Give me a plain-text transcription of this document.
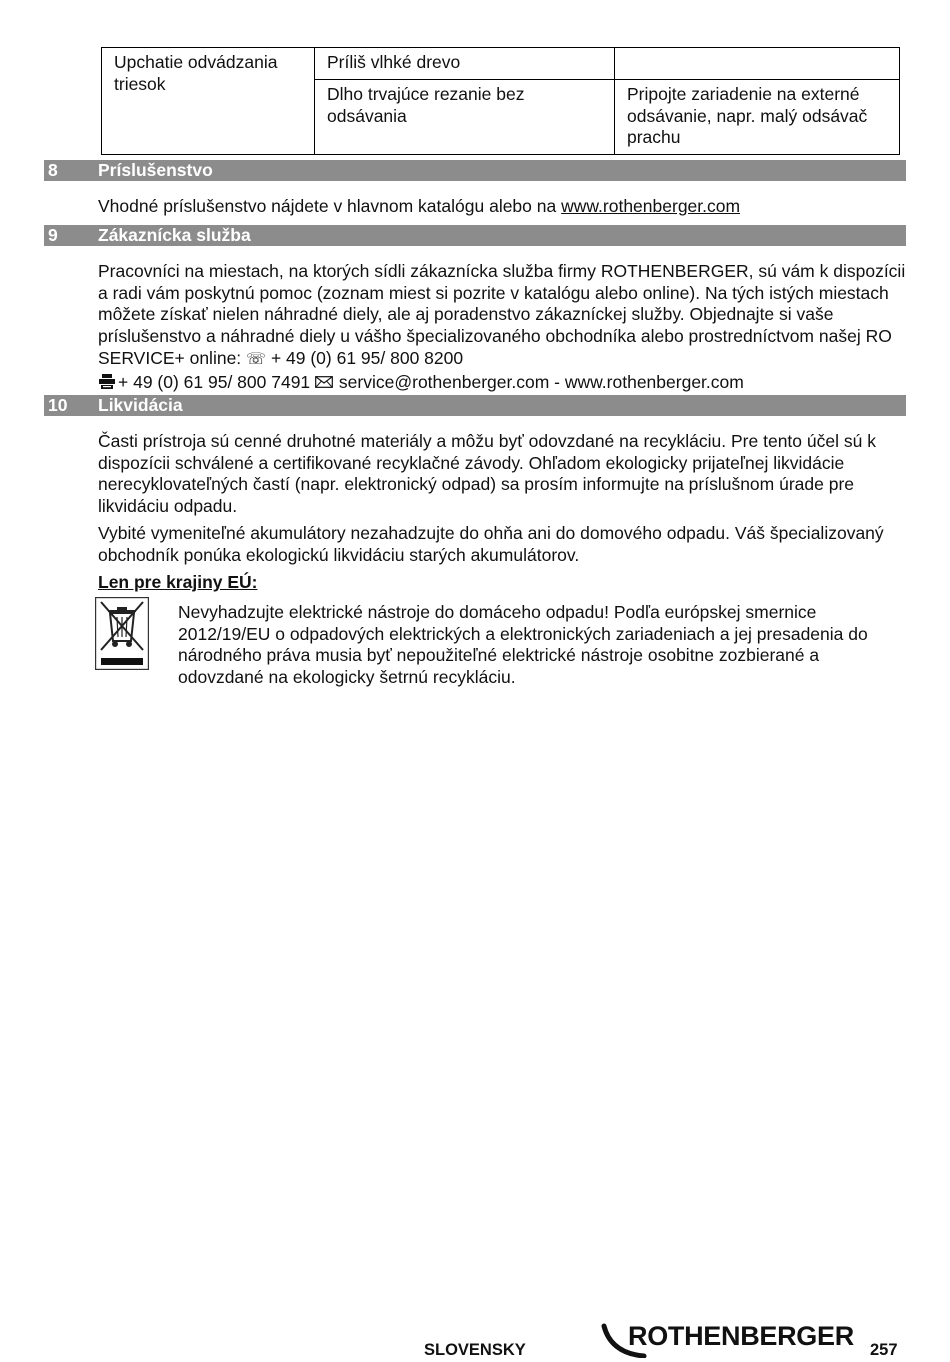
Upchatie odvádzania triesok	Príliš vlhké drevo	
	Dlho trvajúce rezanie bez odsávania	Pripojte zariadenie na externé odsávanie, napr. malý odsávač prachu
8 Príslušenstvo

Vhodné príslušenstvo nájdete v hlavnom katalógu alebo na www.rothenberger.com

9 Zákaznícka služba

Pracovníci na miestach, na ktorých sídli zákaznícka služba firmy ROTHENBERGER, sú vám k dispozícii a radi vám poskytnú pomoc (zoznam miest si pozrite v katalógu alebo online). Na tých istých miestach môžete získať nielen náhradné diely, ale aj poradenstvo zákazníckej služby. Objednajte si vaše príslušenstvo a náhradné diely u vášho špecializovaného obchodníka alebo prostredníctvom našej RO SERVICE+ online: ☏ + 49 (0) 61 95/ 800 8200

+ 49 (0) 61 95/ 800 7491 service@rothenberger.com - www.rothenberger.com

10 Likvidácia

Časti prístroja sú cenné druhotné materiály a môžu byť odovzdané na recykláciu. Pre tento účel sú k dispozícii schválené a certifikované recyklačné závody. Ohľadom ekologicky prijateľnej likvidácie nerecyklovateľných častí (napr. elektronický odpad) sa prosím informujte na príslušnom úrade pre likvidáciu odpadu.

Vybité vymeniteľné akumulátory nezahadzujte do ohňa ani do domového odpadu. Váš špecializovaný obchodník ponúka ekologickú likvidáciu starých akumulátorov.

Len pre krajiny EÚ:

Nevyhadzujte elektrické nástroje do domáceho odpadu! Podľa európskej smernice 2012/19/EU o odpadových elektrických a elektronických zariadeniach a jej presadenia do národného práva musia byť nepoužiteľné elektrické nástroje osobitne zozbierané a odovzdané na ekologicky šetrnú recykláciu.

SLOVENSKY	ROTHENBERGER 257
